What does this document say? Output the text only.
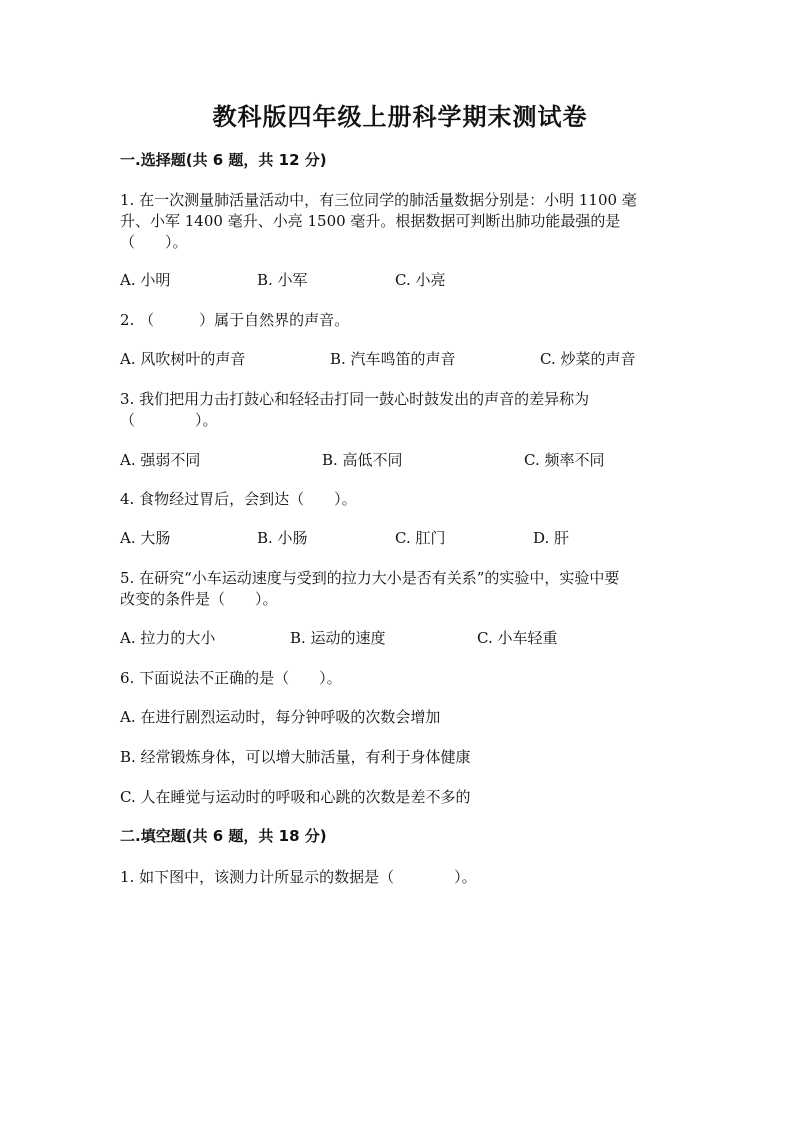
教科版四年级上册科学期末测试卷
一.选择题(共 6 题，共 12 分)
1. 在一次测量肺活量活动中，有三位同学的肺活量数据分别是：小明 1100 毫
升、小军 1400 毫升、小亮 1500 毫升。根据数据可判断出肺功能最强的是
（　　）。
A. 小明	B. 小军	C. 小亮
2. （　　　）属于自然界的声音。
A. 风吹树叶的声音	B. 汽车鸣笛的声音	C. 炒菜的声音
3. 我们把用力击打鼓心和轻轻击打同一鼓心时鼓发出的声音的差异称为
（　　　　）。
A. 强弱不同	B. 高低不同	C. 频率不同
4. 食物经过胃后，会到达（　　）。
A. 大肠	B. 小肠	C. 肛门	D. 肝
5. 在研究“小车运动速度与受到的拉力大小是否有关系”的实验中，实验中要
改变的条件是（　　）。
A. 拉力的大小	B. 运动的速度	C. 小车轻重
6. 下面说法不正确的是（　　）。
A. 在进行剧烈运动时，每分钟呼吸的次数会增加
B. 经常锻炼身体，可以增大肺活量，有利于身体健康
C. 人在睡觉与运动时的呼吸和心跳的次数是差不多的
二.填空题(共 6 题，共 18 分)
1. 如下图中，该测力计所显示的数据是（　　　　）。
